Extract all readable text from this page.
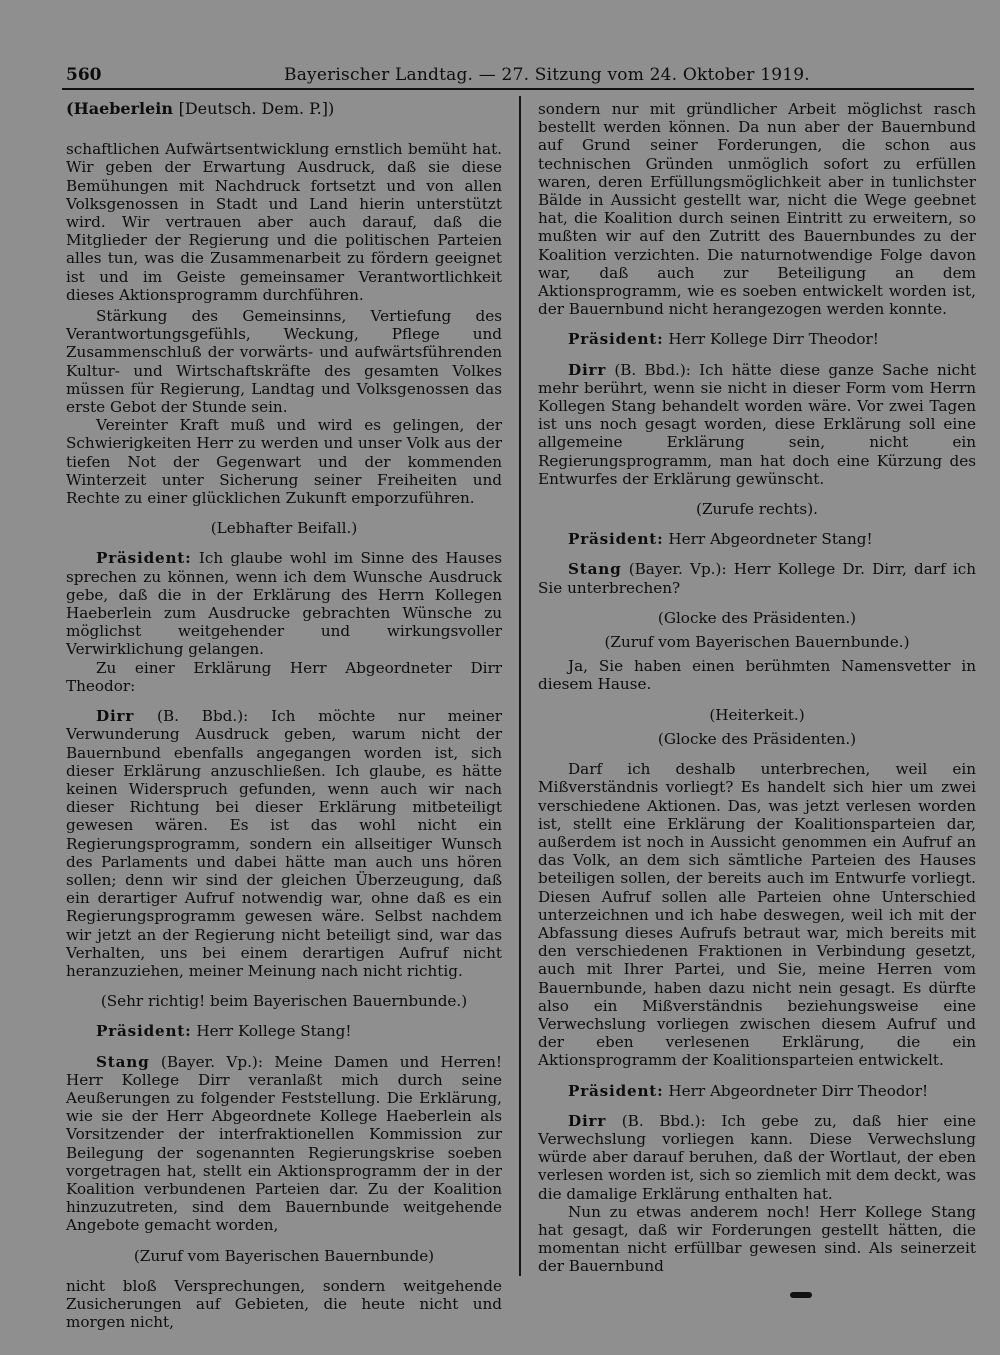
560	Bayerischer Landtag. — 27. Sitzung vom 24. Oktober 1919.
(Haeberlein [Deutsch. Dem. P.])

schaftlichen Aufwärtsentwicklung ernstlich bemüht hat. Wir geben der Erwartung Ausdruck, daß sie diese Bemühungen mit Nachdruck fortsetzt und von allen Volksgenossen in Stadt und Land hierin unterstützt wird. Wir vertrauen aber auch darauf, daß die Mitglieder der Regierung und die politischen Parteien alles tun, was die Zusammenarbeit zu fördern geeignet ist und im Geiste gemeinsamer Verantwortlichkeit dieses Aktionsprogramm durchführen.

Stärkung des Gemeinsinns, Vertiefung des Verantwortungsgefühls, Weckung, Pflege und Zusammenschluß der vorwärts- und aufwärtsführenden Kultur- und Wirtschaftskräfte des gesamten Volkes müssen für Regierung, Landtag und Volksgenossen das erste Gebot der Stunde sein.

Vereinter Kraft muß und wird es gelingen, der Schwierigkeiten Herr zu werden und unser Volk aus der tiefen Not der Gegenwart und der kommenden Winterzeit unter Sicherung seiner Freiheiten und Rechte zu einer glücklichen Zukunft emporzuführen.

(Lebhafter Beifall.)

Präsident: Ich glaube wohl im Sinne des Hauses sprechen zu können, wenn ich dem Wunsche Ausdruck gebe, daß die in der Erklärung des Herrn Kollegen Haeberlein zum Ausdrucke gebrachten Wünsche zu möglichst weitgehender und wirkungsvoller Verwirklichung gelangen.

Zu einer Erklärung Herr Abgeordneter Dirr Theodor:

Dirr (B. Bbd.): Ich möchte nur meiner Verwunderung Ausdruck geben, warum nicht der Bauernbund ebenfalls angegangen worden ist, sich dieser Erklärung anzuschließen. Ich glaube, es hätte keinen Widerspruch gefunden, wenn auch wir nach dieser Richtung bei dieser Erklärung mitbeteiligt gewesen wären. Es ist das wohl nicht ein Regierungsprogramm, sondern ein allseitiger Wunsch des Parlaments und dabei hätte man auch uns hören sollen; denn wir sind der gleichen Überzeugung, daß ein derartiger Aufruf notwendig war, ohne daß es ein Regierungsprogramm gewesen wäre. Selbst nachdem wir jetzt an der Regierung nicht beteiligt sind, war das Verhalten, uns bei einem derartigen Aufruf nicht heranzuziehen, meiner Meinung nach nicht richtig.

(Sehr richtig! beim Bayerischen Bauernbunde.)

Präsident: Herr Kollege Stang!

Stang (Bayer. Vp.): Meine Damen und Herren! Herr Kollege Dirr veranlaßt mich durch seine Aeußerungen zu folgender Feststellung. Die Erklärung, wie sie der Herr Abgeordnete Kollege Haeberlein als Vorsitzender der interfraktionellen Kommission zur Beilegung der sogenannten Regierungskrise soeben vorgetragen hat, stellt ein Aktionsprogramm der in der Koalition verbundenen Parteien dar. Zu der Koalition hinzuzutreten, sind dem Bauernbunde weitgehende Angebote gemacht worden,

(Zuruf vom Bayerischen Bauernbunde)

nicht bloß Versprechungen, sondern weitgehende Zusicherungen auf Gebieten, die heute nicht und morgen nicht,

sondern nur mit gründlicher Arbeit möglichst rasch bestellt werden können. Da nun aber der Bauernbund auf Grund seiner Forderungen, die schon aus technischen Gründen unmöglich sofort zu erfüllen waren, deren Erfüllungsmöglichkeit aber in tunlichster Bälde in Aussicht gestellt war, nicht die Wege geebnet hat, die Koalition durch seinen Eintritt zu erweitern, so mußten wir auf den Zutritt des Bauernbundes zu der Koalition verzichten. Die naturnotwendige Folge davon war, daß auch zur Beteiligung an dem Aktionsprogramm, wie es soeben entwickelt worden ist, der Bauernbund nicht herangezogen werden konnte.

Präsident: Herr Kollege Dirr Theodor!

Dirr (B. Bbd.): Ich hätte diese ganze Sache nicht mehr berührt, wenn sie nicht in dieser Form vom Herrn Kollegen Stang behandelt worden wäre. Vor zwei Tagen ist uns noch gesagt worden, diese Erklärung soll eine allgemeine Erklärung sein, nicht ein Regierungsprogramm, man hat doch eine Kürzung des Entwurfes der Erklärung gewünscht.

(Zurufe rechts).

Präsident: Herr Abgeordneter Stang!

Stang (Bayer. Vp.): Herr Kollege Dr. Dirr, darf ich Sie unterbrechen?

(Glocke des Präsidenten.)

(Zuruf vom Bayerischen Bauernbunde.)

Ja, Sie haben einen berühmten Namensvetter in diesem Hause.

(Heiterkeit.)

(Glocke des Präsidenten.)

Darf ich deshalb unterbrechen, weil ein Mißverständnis vorliegt? Es handelt sich hier um zwei verschiedene Aktionen. Das, was jetzt verlesen worden ist, stellt eine Erklärung der Koalitionsparteien dar, außerdem ist noch in Aussicht genommen ein Aufruf an das Volk, an dem sich sämtliche Parteien des Hauses beteiligen sollen, der bereits auch im Entwurfe vorliegt. Diesen Aufruf sollen alle Parteien ohne Unterschied unterzeichnen und ich habe deswegen, weil ich mit der Abfassung dieses Aufrufs betraut war, mich bereits mit den verschiedenen Fraktionen in Verbindung gesetzt, auch mit Ihrer Partei, und Sie, meine Herren vom Bauernbunde, haben dazu nicht nein gesagt. Es dürfte also ein Mißverständnis beziehungsweise eine Verwechslung vorliegen zwischen diesem Aufruf und der eben verlesenen Erklärung, die ein Aktionsprogramm der Koalitionsparteien entwickelt.

Präsident: Herr Abgeordneter Dirr Theodor!

Dirr (B. Bbd.): Ich gebe zu, daß hier eine Verwechslung vorliegen kann. Diese Verwechslung würde aber darauf beruhen, daß der Wortlaut, der eben verlesen worden ist, sich so ziemlich mit dem deckt, was die damalige Erklärung enthalten hat.

Nun zu etwas anderem noch! Herr Kollege Stang hat gesagt, daß wir Forderungen gestellt hätten, die momentan nicht erfüllbar gewesen sind. Als seinerzeit der Bauernbund
